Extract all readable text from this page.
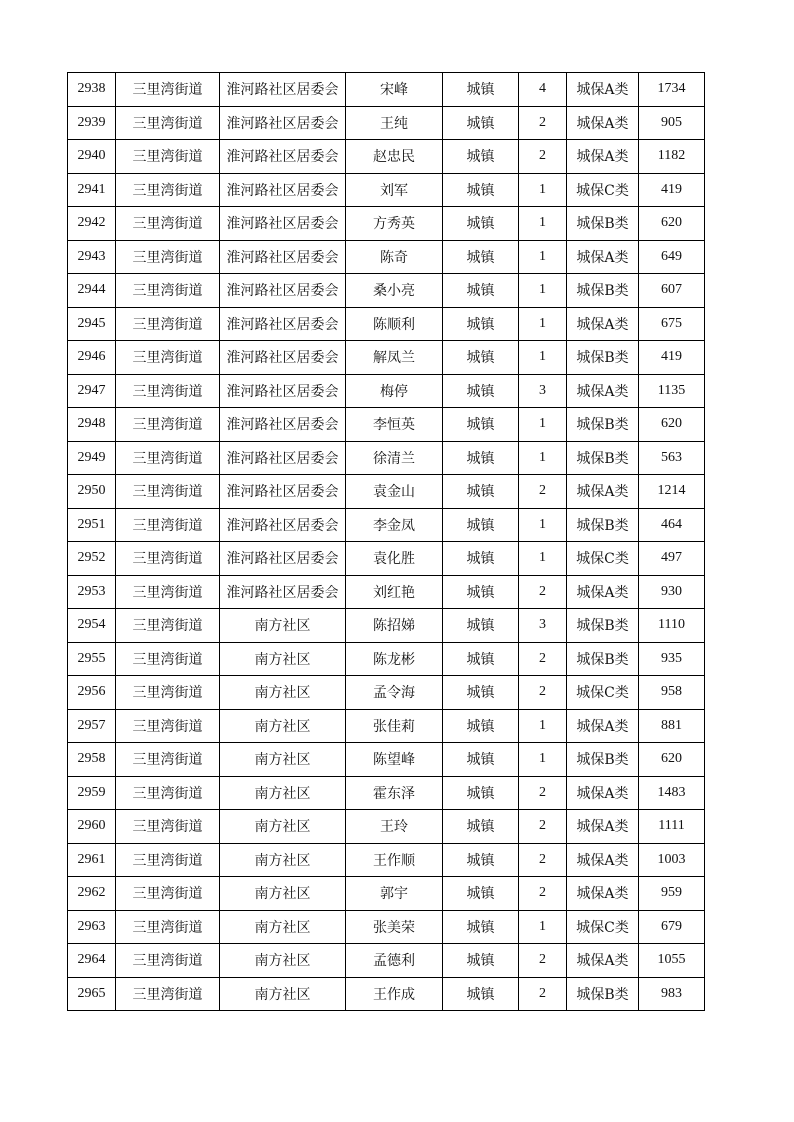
2938	三里湾街道	淮河路社区居委会	宋峰	城镇	4	城保A类	1734
2939	三里湾街道	淮河路社区居委会	王纯	城镇	2	城保A类	905
2940	三里湾街道	淮河路社区居委会	赵忠民	城镇	2	城保A类	1182
2941	三里湾街道	淮河路社区居委会	刘军	城镇	1	城保C类	419
2942	三里湾街道	淮河路社区居委会	方秀英	城镇	1	城保B类	620
2943	三里湾街道	淮河路社区居委会	陈奇	城镇	1	城保A类	649
2944	三里湾街道	淮河路社区居委会	桑小亮	城镇	1	城保B类	607
2945	三里湾街道	淮河路社区居委会	陈顺利	城镇	1	城保A类	675
2946	三里湾街道	淮河路社区居委会	解凤兰	城镇	1	城保B类	419
2947	三里湾街道	淮河路社区居委会	梅停	城镇	3	城保A类	1135
2948	三里湾街道	淮河路社区居委会	李恒英	城镇	1	城保B类	620
2949	三里湾街道	淮河路社区居委会	徐清兰	城镇	1	城保B类	563
2950	三里湾街道	淮河路社区居委会	袁金山	城镇	2	城保A类	1214
2951	三里湾街道	淮河路社区居委会	李金凤	城镇	1	城保B类	464
2952	三里湾街道	淮河路社区居委会	袁化胜	城镇	1	城保C类	497
2953	三里湾街道	淮河路社区居委会	刘红艳	城镇	2	城保A类	930
2954	三里湾街道	南方社区	陈招娣	城镇	3	城保B类	1110
2955	三里湾街道	南方社区	陈龙彬	城镇	2	城保B类	935
2956	三里湾街道	南方社区	孟令海	城镇	2	城保C类	958
2957	三里湾街道	南方社区	张佳莉	城镇	1	城保A类	881
2958	三里湾街道	南方社区	陈望峰	城镇	1	城保B类	620
2959	三里湾街道	南方社区	霍东泽	城镇	2	城保A类	1483
2960	三里湾街道	南方社区	王玲	城镇	2	城保A类	1111
2961	三里湾街道	南方社区	王作顺	城镇	2	城保A类	1003
2962	三里湾街道	南方社区	郭宇	城镇	2	城保A类	959
2963	三里湾街道	南方社区	张美荣	城镇	1	城保C类	679
2964	三里湾街道	南方社区	孟德利	城镇	2	城保A类	1055
2965	三里湾街道	南方社区	王作成	城镇	2	城保B类	983
